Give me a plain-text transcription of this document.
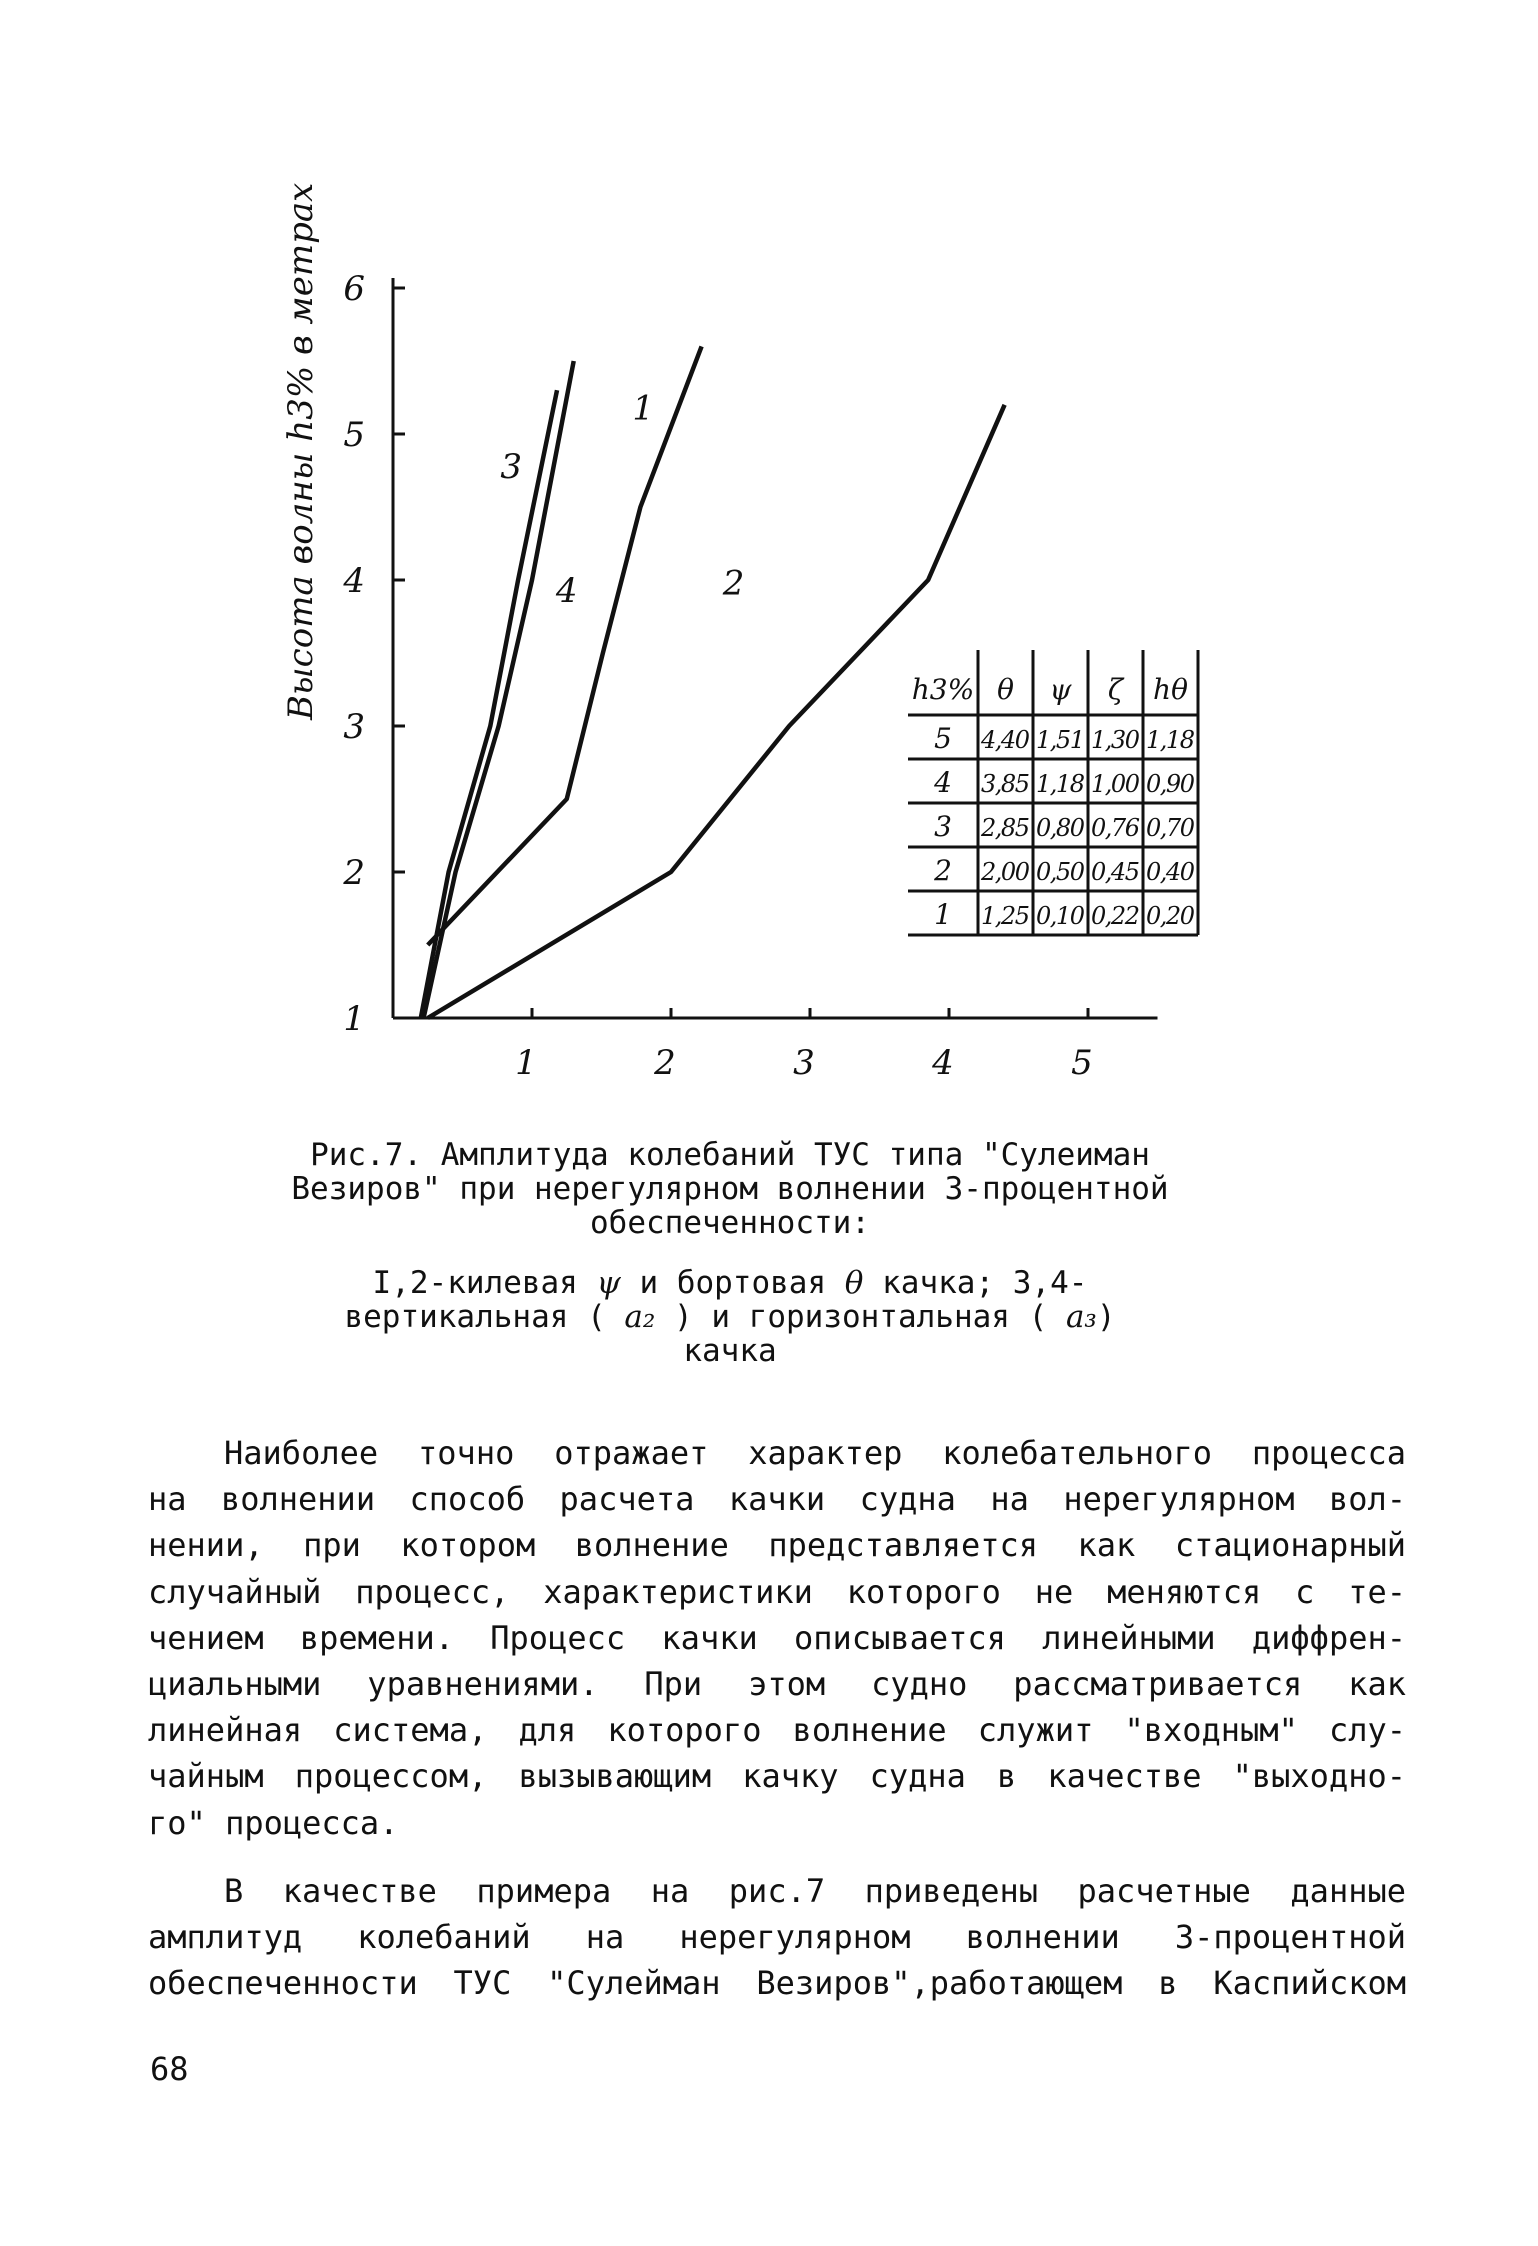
1
2
3
4
1
2
3
4
5
6
1	2	3	4	5
Высота волны h3% в метрах	h3% θ ψ ζ hθ
5 4,40 1,51 1,30 1,18
4 3,85 1,18 1,00 0,90
3 2,85 0,80 0,76 0,70
2 2,00 0,50 0,45 0,40
1 1,25 0,10 0,22 0,20
Рис.7. Амплитуда колебаний ТУС типа "Сулеиман
Везиров" при нерегулярном волнении 3-процентной
обеспеченности:
I,2-килевая ψ и бортовая θ качка; 3,4-
вертикальная ( a₂ ) и горизонтальная ( a₃)
качка

Наиболее точно отражает характер колебательного процесса
на волнении способ расчета качки судна на нерегулярном вол-
нении, при котором волнение представляется как стационарный
случайный процесс, характеристики которого не меняются с те-
чением времени. Процесс качки описывается линейными диффрен-
циальными уравнениями. При этом судно рассматривается как
линейная система, для которого волнение служит "входным" слу-
чайным процессом, вызывающим качку судна в качестве "выходно-
го" процесса.

В качестве примера на рис.7 приведены расчетные данные
амплитуд колебаний на нерегулярном волнении 3-процентной
обеспеченности ТУС "Сулейман Везиров",работающем в Каспийском

68
